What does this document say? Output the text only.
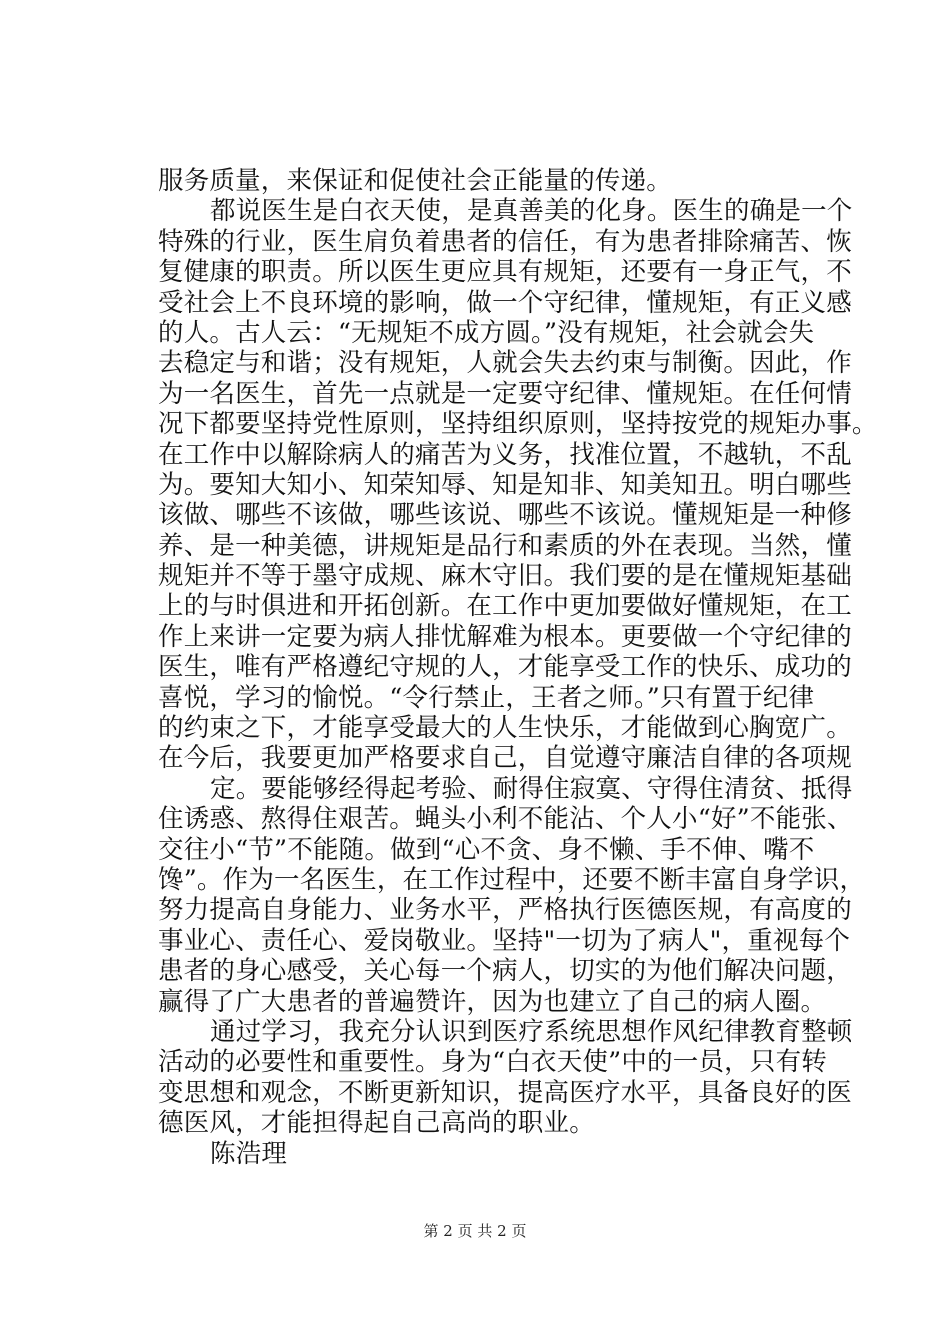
服务质量，来保证和促使社会正能量的传递。
都说医生是白衣天使，是真善美的化身。医生的确是一个
特殊的行业，医生肩负着患者的信任，有为患者排除痛苦、恢
复健康的职责。所以医生更应具有规矩，还要有一身正气，不
受社会上不良环境的影响，做一个守纪律，懂规矩，有正义感
的人。古人云：“无规矩不成方圆。”没有规矩，社会就会失
去稳定与和谐；没有规矩，人就会失去约束与制衡。因此，作
为一名医生，首先一点就是一定要守纪律、懂规矩。在任何情
况下都要坚持党性原则，坚持组织原则，坚持按党的规矩办事。
在工作中以解除病人的痛苦为义务，找准位置，不越轨，不乱
为。要知大知小、知荣知辱、知是知非、知美知丑。明白哪些
该做、哪些不该做，哪些该说、哪些不该说。懂规矩是一种修
养、是一种美德，讲规矩是品行和素质的外在表现。当然，懂
规矩并不等于墨守成规、麻木守旧。我们要的是在懂规矩基础
上的与时俱进和开拓创新。在工作中更加要做好懂规矩，在工
作上来讲一定要为病人排忧解难为根本。更要做一个守纪律的
医生，唯有严格遵纪守规的人，才能享受工作的快乐、成功的
喜悦，学习的愉悦。“令行禁止，王者之师。”只有置于纪律
的约束之下，才能享受最大的人生快乐，才能做到心胸宽广。
在今后，我要更加严格要求自己，自觉遵守廉洁自律的各项规
定。要能够经得起考验、耐得住寂寞、守得住清贫、抵得
住诱惑、熬得住艰苦。蝇头小利不能沾、个人小“好”不能张、
交往小“节”不能随。做到“心不贪、身不懒、手不伸、嘴不
馋”。作为一名医生，在工作过程中，还要不断丰富自身学识，
努力提高自身能力、业务水平，严格执行医德医规，有高度的
事业心、责任心、爱岗敬业。坚持"一切为了病人"，重视每个
患者的身心感受，关心每一个病人，切实的为他们解决问题，
赢得了广大患者的普遍赞许，因为也建立了自己的病人圈。
通过学习，我充分认识到医疗系统思想作风纪律教育整顿
活动的必要性和重要性。身为“白衣天使”中的一员，只有转
变思想和观念，不断更新知识，提高医疗水平，具备良好的医
德医风，才能担得起自己高尚的职业。
陈浩理
第 2 页 共 2 页
